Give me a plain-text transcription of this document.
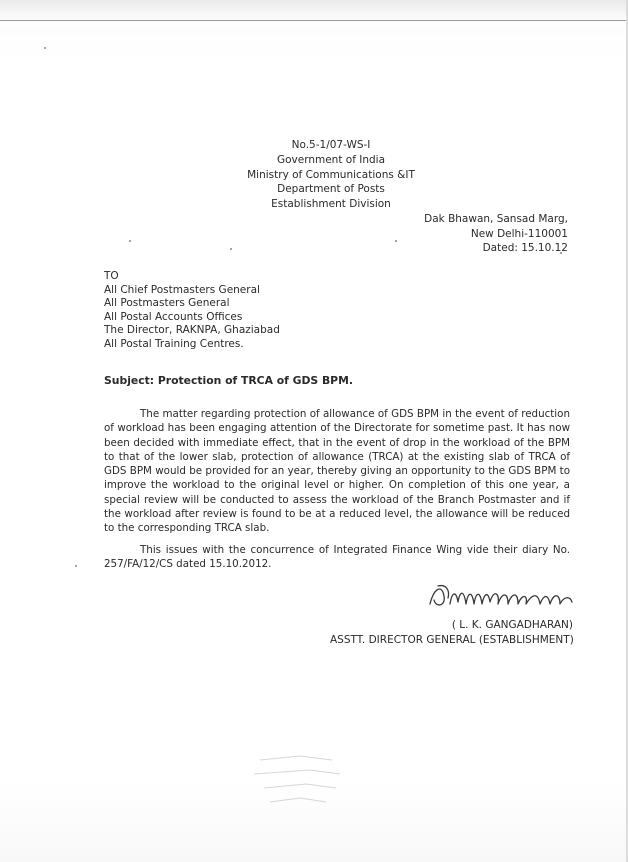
No.5-1/07-WS-I
Government of India
Ministry of Communications &IT
Department of Posts
Establishment Division
Dak Bhawan, Sansad Marg,
New Delhi-110001
Dated: 15.10.12
TO
All Chief Postmasters General
All Postmasters General
All Postal Accounts Offices
The Director, RAKNPA, Ghaziabad
All Postal Training Centres.
Subject: Protection of TRCA of GDS BPM.
The matter regarding protection of allowance of GDS BPM in the event of reduction of workload has been engaging attention of the Directorate for sometime past. It has now been decided with immediate effect, that in the event of drop in the workload of the BPM to that of the lower slab, protection of allowance (TRCA) at the existing slab of TRCA of GDS BPM would be provided for an year, thereby giving an opportunity to the GDS BPM to improve the workload to the original level or higher. On completion of this one year, a special review will be conducted to assess the workload of the Branch Postmaster and if the workload after review is found to be at a reduced level, the allowance will be reduced to the corresponding TRCA slab.
This issues with the concurrence of Integrated Finance Wing vide their diary No. 257/FA/12/CS dated 15.10.2012.
( L. K. GANGADHARAN)
ASSTT. DIRECTOR GENERAL (ESTABLISHMENT)
